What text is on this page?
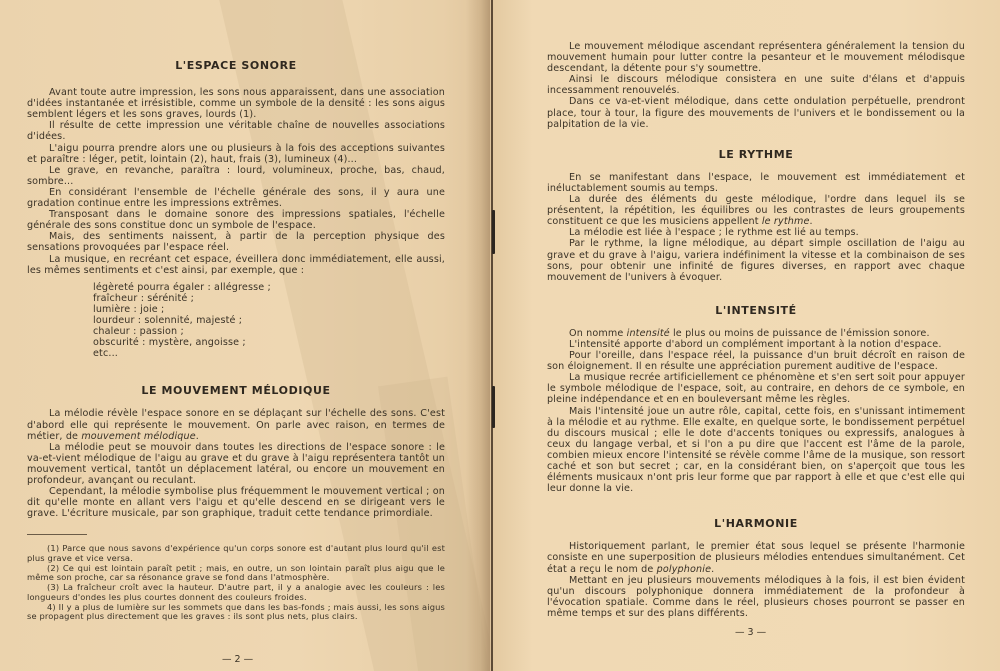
L'ESPACE SONORE

Avant toute autre impression, les sons nous apparaissent, dans une association d'idées instantanée et irrésistible, comme un symbole de la densité : les sons aigus semblent légers et les sons graves, lourds (1).

Il résulte de cette impression une véritable chaîne de nouvelles associations d'idées.

L'aigu pourra prendre alors une ou plusieurs à la fois des acceptions suivantes et paraître : léger, petit, lointain (2), haut, frais (3), lumineux (4)...

Le grave, en revanche, paraîtra : lourd, volumineux, proche, bas, chaud, sombre...

En considérant l'ensemble de l'échelle générale des sons, il y aura une gradation continue entre les impressions extrêmes.

Transposant dans le domaine sonore des impressions spatiales, l'échelle générale des sons constitue donc un symbole de l'espace.

Mais, des sentiments naissent, à partir de la perception physique des sensations provoquées par l'espace réel.

La musique, en recréant cet espace, éveillera donc immédiatement, elle aussi, les mêmes sentiments et c'est ainsi, par exemple, que :

légèreté pourra égaler : allégresse ;
fraîcheur : sérénité ;
lumière : joie ;
lourdeur : solennité, majesté ;
chaleur : passion ;
obscurité : mystère, angoisse ;
etc...
LE MOUVEMENT MÉLODIQUE

La mélodie révèle l'espace sonore en se déplaçant sur l'échelle des sons. C'est d'abord elle qui représente le mouvement. On parle avec raison, en termes de métier, de mouvement mélodique.

La mélodie peut se mouvoir dans toutes les directions de l'espace sonore : le va-et-vient mélodique de l'aigu au grave et du grave à l'aigu représentera tantôt un mouvement vertical, tantôt un déplacement latéral, ou encore un mouvement en profondeur, avançant ou reculant.

Cependant, la mélodie symbolise plus fréquemment le mouvement vertical ; on dit qu'elle monte en allant vers l'aigu et qu'elle descend en se dirigeant vers le grave. L'écriture musicale, par son graphique, traduit cette tendance primordiale.

(1) Parce que nous savons d'expérience qu'un corps sonore est d'autant plus lourd qu'il est plus grave et vice versa.

(2) Ce qui est lointain paraît petit ; mais, en outre, un son lointain paraît plus aigu que le même son proche, car sa résonance grave se fond dans l'atmosphère.

(3) La fraîcheur croît avec la hauteur. D'autre part, il y a analogie avec les couleurs : les longueurs d'ondes les plus courtes donnent des couleurs froides.

4) Il y a plus de lumière sur les sommets que dans les bas-fonds ; mais aussi, les sons aigus se propagent plus directement que les graves : ils sont plus nets, plus clairs.

— 2 —

Le mouvement mélodique ascendant représentera généralement la tension du mouvement humain pour lutter contre la pesanteur et le mouvement mélodisque descendant, la détente pour s'y soumettre.

Ainsi le discours mélodique consistera en une suite d'élans et d'appuis incessamment renouvelés.

Dans ce va-et-vient mélodique, dans cette ondulation perpétuelle, prendront place, tour à tour, la figure des mouvements de l'univers et le bondissement ou la palpitation de la vie.

LE RYTHME

En se manifestant dans l'espace, le mouvement est immédiatement et inéluctablement soumis au temps.

La durée des éléments du geste mélodique, l'ordre dans lequel ils se présentent, la répétition, les équilibres ou les contrastes de leurs groupements constituent ce que les musiciens appellent le rythme.

La mélodie est liée à l'espace ; le rythme est lié au temps.

Par le rythme, la ligne mélodique, au départ simple oscillation de l'aigu au grave et du grave à l'aigu, variera indéfiniment la vitesse et la combinaison de ses sons, pour obtenir une infinité de figures diverses, en rapport avec chaque mouvement de l'univers à évoquer.

L'INTENSITÉ

On nomme intensité le plus ou moins de puissance de l'émission sonore.

L'intensité apporte d'abord un complément important à la notion d'espace.

Pour l'oreille, dans l'espace réel, la puissance d'un bruit décroît en raison de son éloignement. Il en résulte une appréciation purement auditive de l'espace.

La musique recrée artificiellement ce phénomène et s'en sert soit pour appuyer le symbole mélodique de l'espace, soit, au contraire, en dehors de ce symbole, en pleine indépendance et en en bouleversant même les règles.

Mais l'intensité joue un autre rôle, capital, cette fois, en s'unissant intimement à la mélodie et au rythme. Elle exalte, en quelque sorte, le bondissement perpétuel du discours musical ; elle le dote d'accents toniques ou expressifs, analogues à ceux du langage verbal, et si l'on a pu dire que l'accent est l'âme de la parole, combien mieux encore l'intensité se révèle comme l'âme de la musique, son ressort caché et son but secret ; car, en la considérant bien, on s'aperçoit que tous les éléments musicaux n'ont pris leur forme que par rapport à elle et que c'est elle qui leur donne la vie.

L'HARMONIE

Historiquement parlant, le premier état sous lequel se présente l'harmonie consiste en une superposition de plusieurs mélodies entendues simultanément. Cet état a reçu le nom de polyphonie.

Mettant en jeu plusieurs mouvements mélodiques à la fois, il est bien évident qu'un discours polyphonique donnera immédiatement de la profondeur à l'évocation spatiale. Comme dans le réel, plusieurs choses pourront se passer en même temps et sur des plans différents.

— 3 —
